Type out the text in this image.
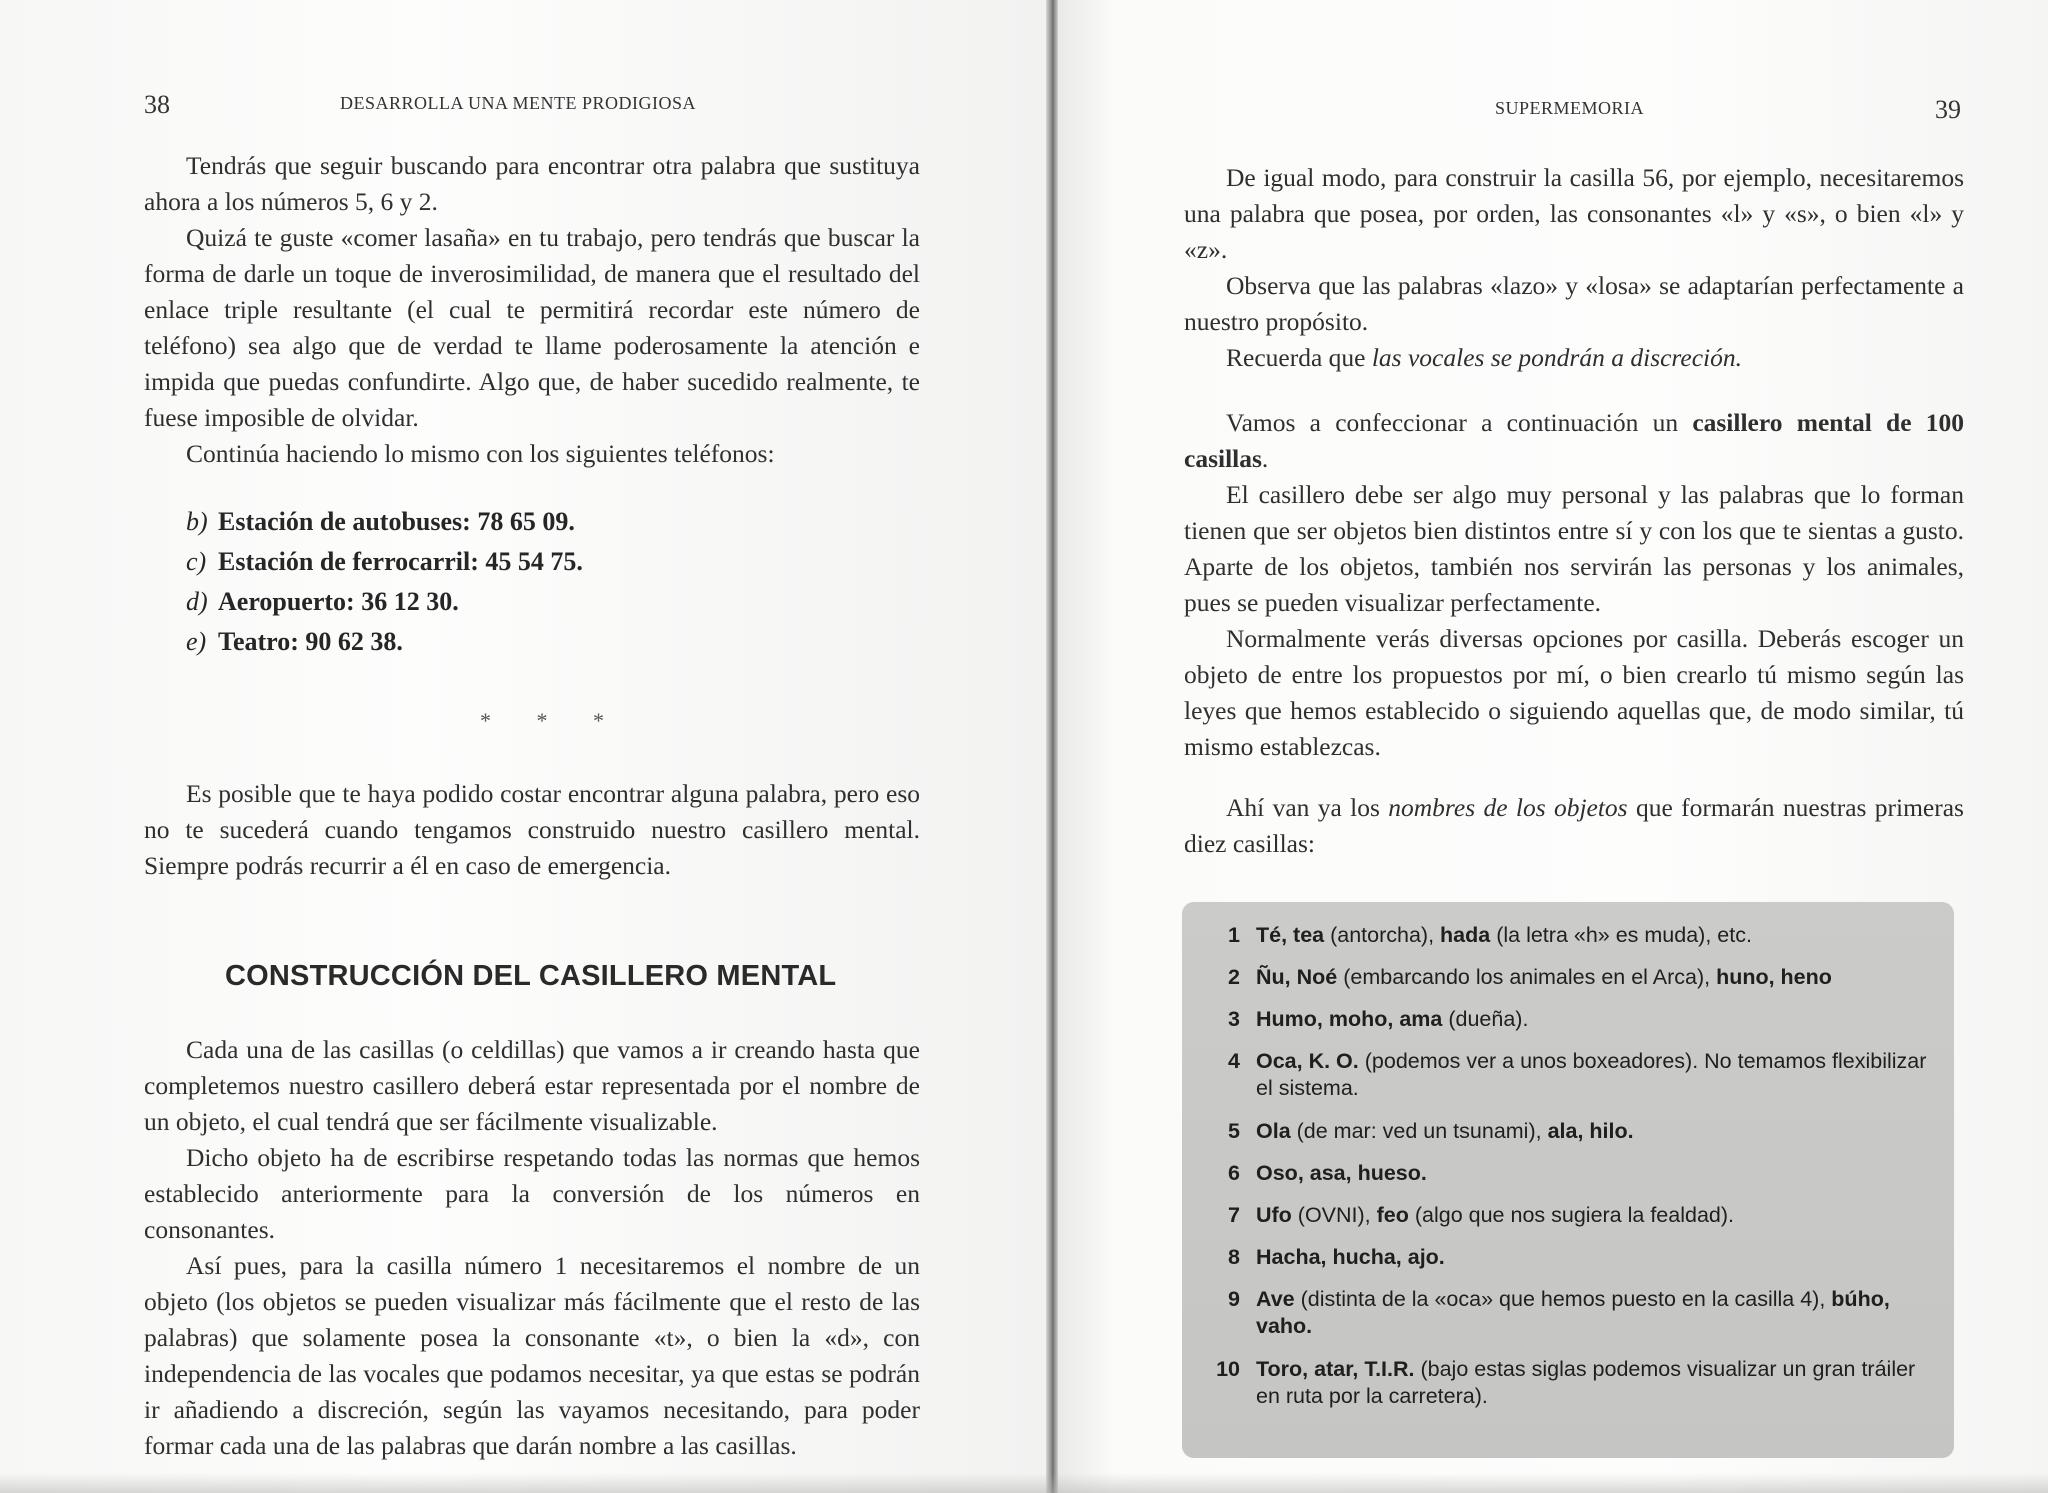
38	DESARROLLA UNA MENTE PRODIGIOSA

Tendrás que seguir buscando para encontrar otra palabra que sustituya ahora a los números 5, 6 y 2.

Quizá te guste «comer lasaña» en tu trabajo, pero tendrás que buscar la forma de darle un toque de inverosimilidad, de manera que el resultado del enlace triple resultante (el cual te permitirá recordar este número de teléfono) sea algo que de verdad te llame poderosamente la atención e impida que puedas confundirte. Algo que, de haber sucedido realmente, te fuese imposible de olvidar.

Continúa haciendo lo mismo con los siguientes teléfonos:

b) Estación de autobuses: 78 65 09.
c) Estación de ferrocarril: 45 54 75.
d) Aeropuerto: 36 12 30.
e) Teatro: 90 62 38.
* * *

Es posible que te haya podido costar encontrar alguna palabra, pero eso no te sucederá cuando tengamos construido nuestro casillero mental. Siempre podrás recurrir a él en caso de emergencia.

CONSTRUCCIÓN DEL CASILLERO MENTAL

Cada una de las casillas (o celdillas) que vamos a ir creando hasta que completemos nuestro casillero deberá estar representada por el nombre de un objeto, el cual tendrá que ser fácilmente visualizable.

Dicho objeto ha de escribirse respetando todas las normas que hemos establecido anteriormente para la conversión de los números en consonantes.

Así pues, para la casilla número 1 necesitaremos el nombre de un objeto (los objetos se pueden visualizar más fácilmente que el resto de las palabras) que solamente posea la consonante «t», o bien la «d», con independencia de las vocales que podamos necesitar, ya que estas se podrán ir añadiendo a discreción, según las vayamos necesitando, para poder formar cada una de las palabras que darán nombre a las casillas.

SUPERMEMORIA	39

De igual modo, para construir la casilla 56, por ejemplo, necesitaremos una palabra que posea, por orden, las consonantes «l» y «s», o bien «l» y «z».

Observa que las palabras «lazo» y «losa» se adaptarían perfectamente a nuestro propósito.

Recuerda que las vocales se pondrán a discreción.

Vamos a confeccionar a continuación un casillero mental de 100 casillas.

El casillero debe ser algo muy personal y las palabras que lo forman tienen que ser objetos bien distintos entre sí y con los que te sientas a gusto. Aparte de los objetos, también nos servirán las personas y los animales, pues se pueden visualizar perfectamente.

Normalmente verás diversas opciones por casilla. Deberás escoger un objeto de entre los propuestos por mí, o bien crearlo tú mismo según las leyes que hemos establecido o siguiendo aquellas que, de modo similar, tú mismo establezcas.

Ahí van ya los nombres de los objetos que formarán nuestras primeras diez casillas:

1 Té, tea (antorcha), hada (la letra «h» es muda), etc.
2 Ñu, Noé (embarcando los animales en el Arca), huno, heno
3 Humo, moho, ama (dueña).
4 Oca, K. O. (podemos ver a unos boxeadores). No temamos flexibilizar el sistema.
5 Ola (de mar: ved un tsunami), ala, hilo.
6 Oso, asa, hueso.
7 Ufo (OVNI), feo (algo que nos sugiera la fealdad).
8 Hacha, hucha, ajo.
9 Ave (distinta de la «oca» que hemos puesto en la casilla 4), búho, vaho.
10 Toro, atar, T.I.R. (bajo estas siglas podemos visualizar un gran tráiler en ruta por la carretera).
